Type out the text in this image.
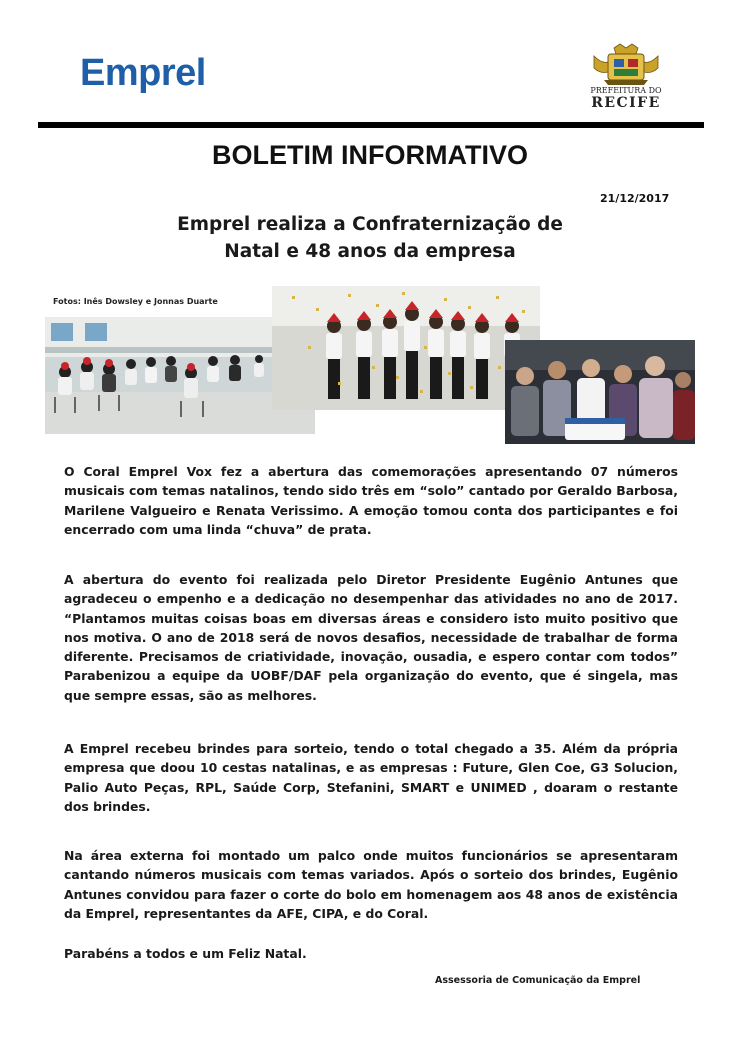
Emprel	PREFEITURA DO
RECIFE
BOLETIM INFORMATIVO
21/12/2017
Emprel realiza a Confraternização de
Natal e 48 anos da empresa
Fotos: Inês Dowsley e Jonnas Duarte
O Coral Emprel Vox fez a abertura das comemorações apresentando 07 números musicais com temas natalinos, tendo sido três em “solo” cantado por Geraldo Barbosa, Marilene Valgueiro e Renata Verissimo. A emoção tomou conta dos participantes e foi encerrado com uma linda “chuva” de prata.
A abertura do evento foi realizada pelo Diretor Presidente Eugênio Antunes que agradeceu o empenho e a dedicação no desempenhar das atividades no ano de 2017. “Plantamos muitas coisas boas em diversas áreas e considero isto muito positivo que nos motiva. O ano de 2018 será de novos desafios, necessidade de trabalhar de forma diferente. Precisamos de criatividade, inovação, ousadia, e espero contar com todos” Parabenizou a equipe da UOBF/DAF pela organização do evento, que é singela, mas que sempre essas, são as melhores.
A Emprel recebeu brindes para sorteio, tendo o total chegado a 35. Além da própria empresa que doou 10 cestas natalinas, e as empresas : Future, Glen Coe, G3 Solucion, Palio Auto Peças, RPL, Saúde Corp, Stefanini, SMART e UNIMED , doaram o restante dos brindes.
Na área externa foi montado um palco onde muitos funcionários se apresentaram cantando números musicais com temas variados. Após o sorteio dos brindes, Eugênio Antunes convidou para fazer o corte do bolo em homenagem aos 48 anos de existência da Emprel, representantes da AFE, CIPA, e do Coral.
Parabéns a todos e um Feliz Natal.
Assessoria de Comunicação da Emprel
